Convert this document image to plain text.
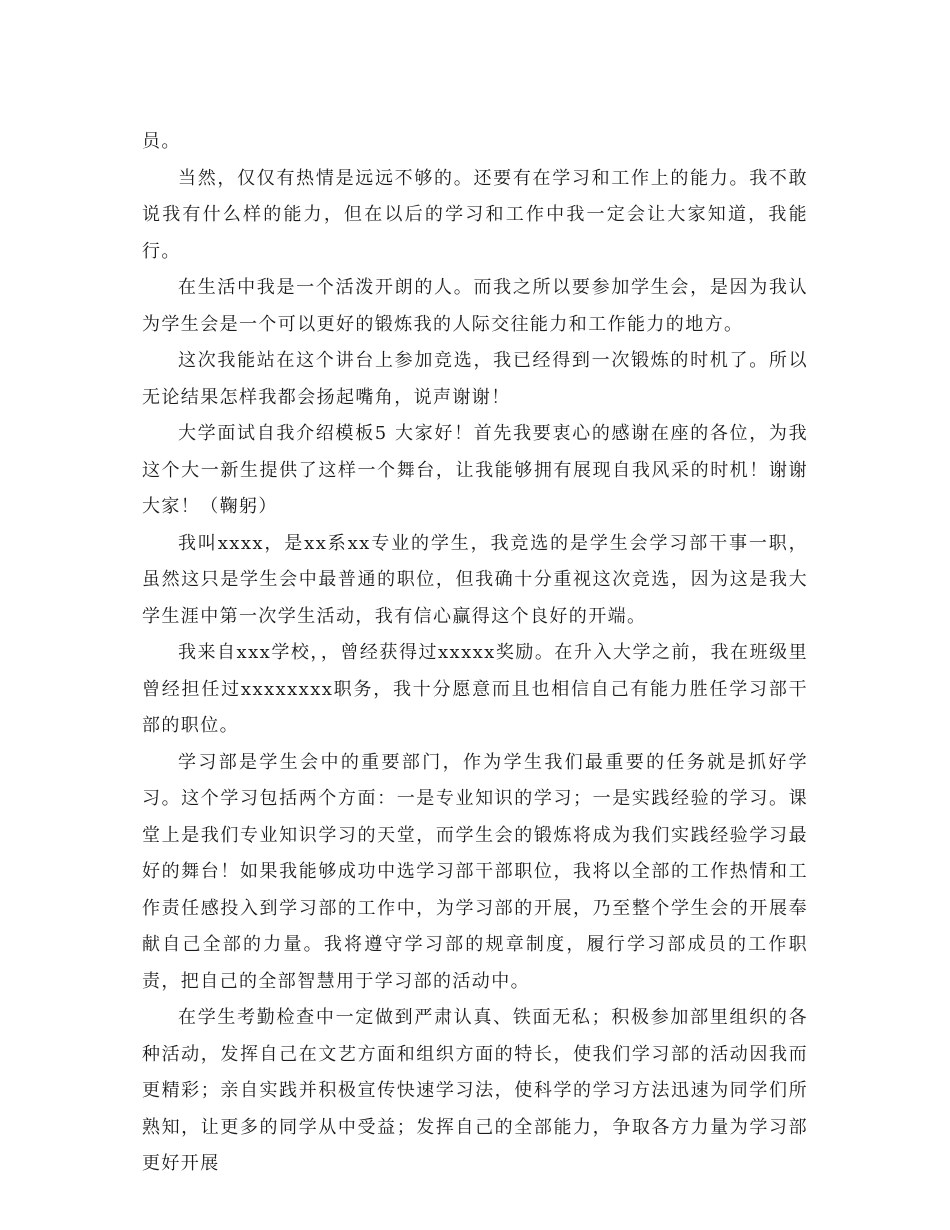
员。

当然，仅仅有热情是远远不够的。还要有在学习和工作上的能力。我不敢说我有什么样的能力，但在以后的学习和工作中我一定会让大家知道，我能行。

在生活中我是一个活泼开朗的人。而我之所以要参加学生会，是因为我认为学生会是一个可以更好的锻炼我的人际交往能力和工作能力的地方。

这次我能站在这个讲台上参加竞选，我已经得到一次锻炼的时机了。所以无论结果怎样我都会扬起嘴角，说声谢谢！

大学面试自我介绍模板5 大家好！首先我要衷心的感谢在座的各位，为我这个大一新生提供了这样一个舞台，让我能够拥有展现自我风采的时机！谢谢大家！（鞠躬）

我叫xxxx，是xx系xx专业的学生，我竞选的是学生会学习部干事一职，虽然这只是学生会中最普通的职位，但我确十分重视这次竞选，因为这是我大学生涯中第一次学生活动，我有信心赢得这个良好的开端。

我来自xxx学校，，曾经获得过xxxxx奖励。在升入大学之前，我在班级里曾经担任过xxxxxxxx职务，我十分愿意而且也相信自己有能力胜任学习部干部的职位。

学习部是学生会中的重要部门，作为学生我们最重要的任务就是抓好学习。这个学习包括两个方面：一是专业知识的学习；一是实践经验的学习。课堂上是我们专业知识学习的天堂，而学生会的锻炼将成为我们实践经验学习最好的舞台！如果我能够成功中选学习部干部职位，我将以全部的工作热情和工作责任感投入到学习部的工作中，为学习部的开展，乃至整个学生会的开展奉献自己全部的力量。我将遵守学习部的规章制度，履行学习部成员的工作职责，把自己的全部智慧用于学习部的活动中。

在学生考勤检查中一定做到严肃认真、铁面无私；积极参加部里组织的各种活动，发挥自己在文艺方面和组织方面的特长，使我们学习部的活动因我而更精彩；亲自实践并积极宣传快速学习法，使科学的学习方法迅速为同学们所熟知，让更多的同学从中受益；发挥自己的全部能力，争取各方力量为学习部更好开展
